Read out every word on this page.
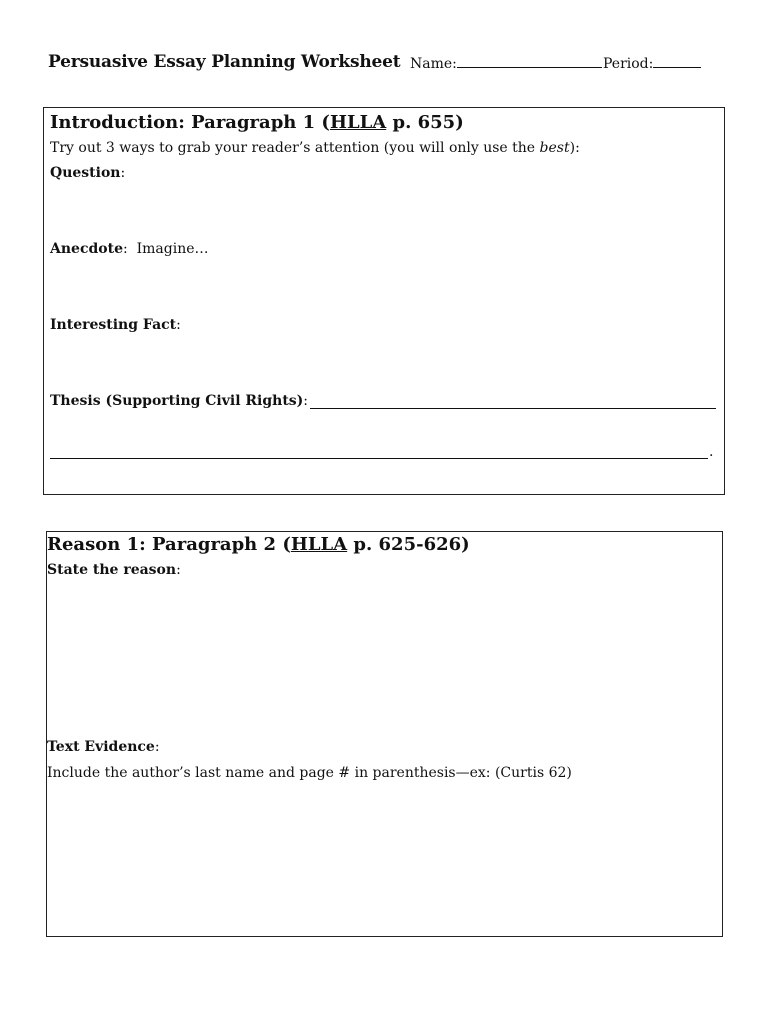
Persuasive Essay Planning Worksheet Name:	Period:
Introduction: Paragraph 1 (HLLA p. 655)
Try out 3 ways to grab your reader’s attention (you will only use the best):
Question:
Anecdote: Imagine…
Interesting Fact:
Thesis (Supporting Civil Rights):
.
Reason 1: Paragraph 2 (HLLA p. 625-626)
State the reason:
Text Evidence:
Include the author’s last name and page # in parenthesis—ex: (Curtis 62)
